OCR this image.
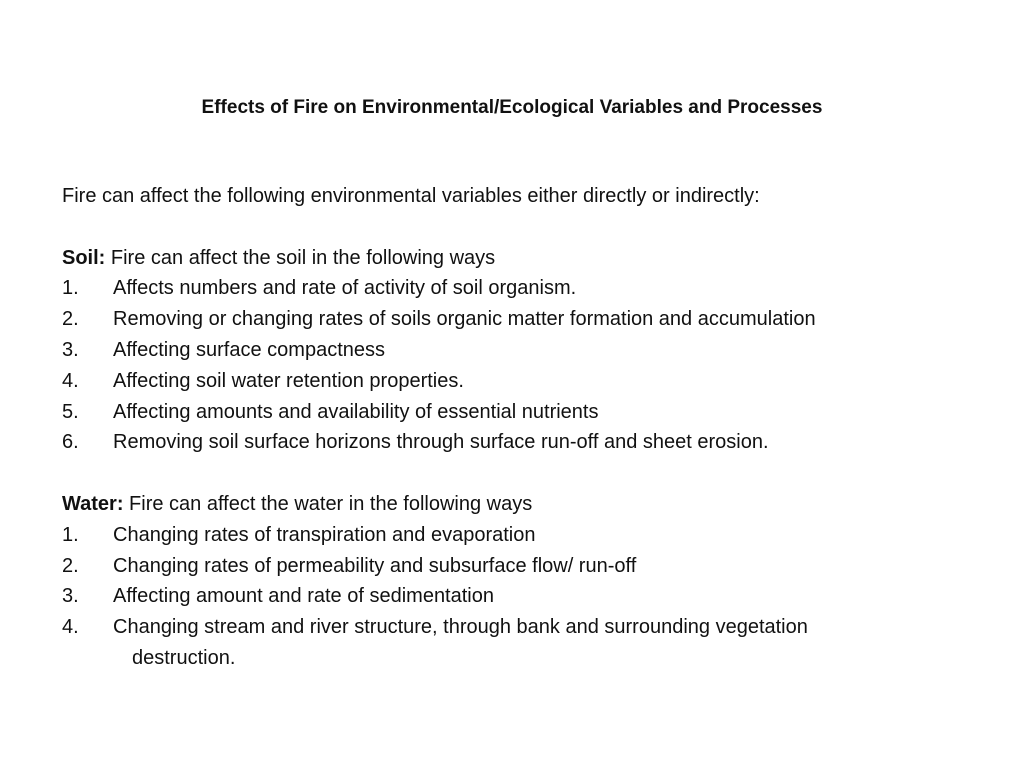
Effects of Fire on Environmental/Ecological Variables and Processes
Fire can affect the following environmental variables either directly or indirectly:
Soil: Fire can affect the soil in the following ways
1.	Affects numbers and rate of activity of soil organism.
2.	Removing or changing rates of soils organic matter formation and accumulation
3.	Affecting surface compactness
4.	Affecting soil water retention properties.
5.	Affecting amounts and availability of essential nutrients
6.	Removing soil surface horizons through surface run-off and sheet erosion.
Water: Fire can affect the water in the following ways
1.	Changing rates of transpiration and evaporation
2.	Changing rates of permeability and subsurface flow/ run-off
3.	Affecting amount and rate of sedimentation
4.	Changing stream and river structure, through bank and surrounding vegetation
destruction.
